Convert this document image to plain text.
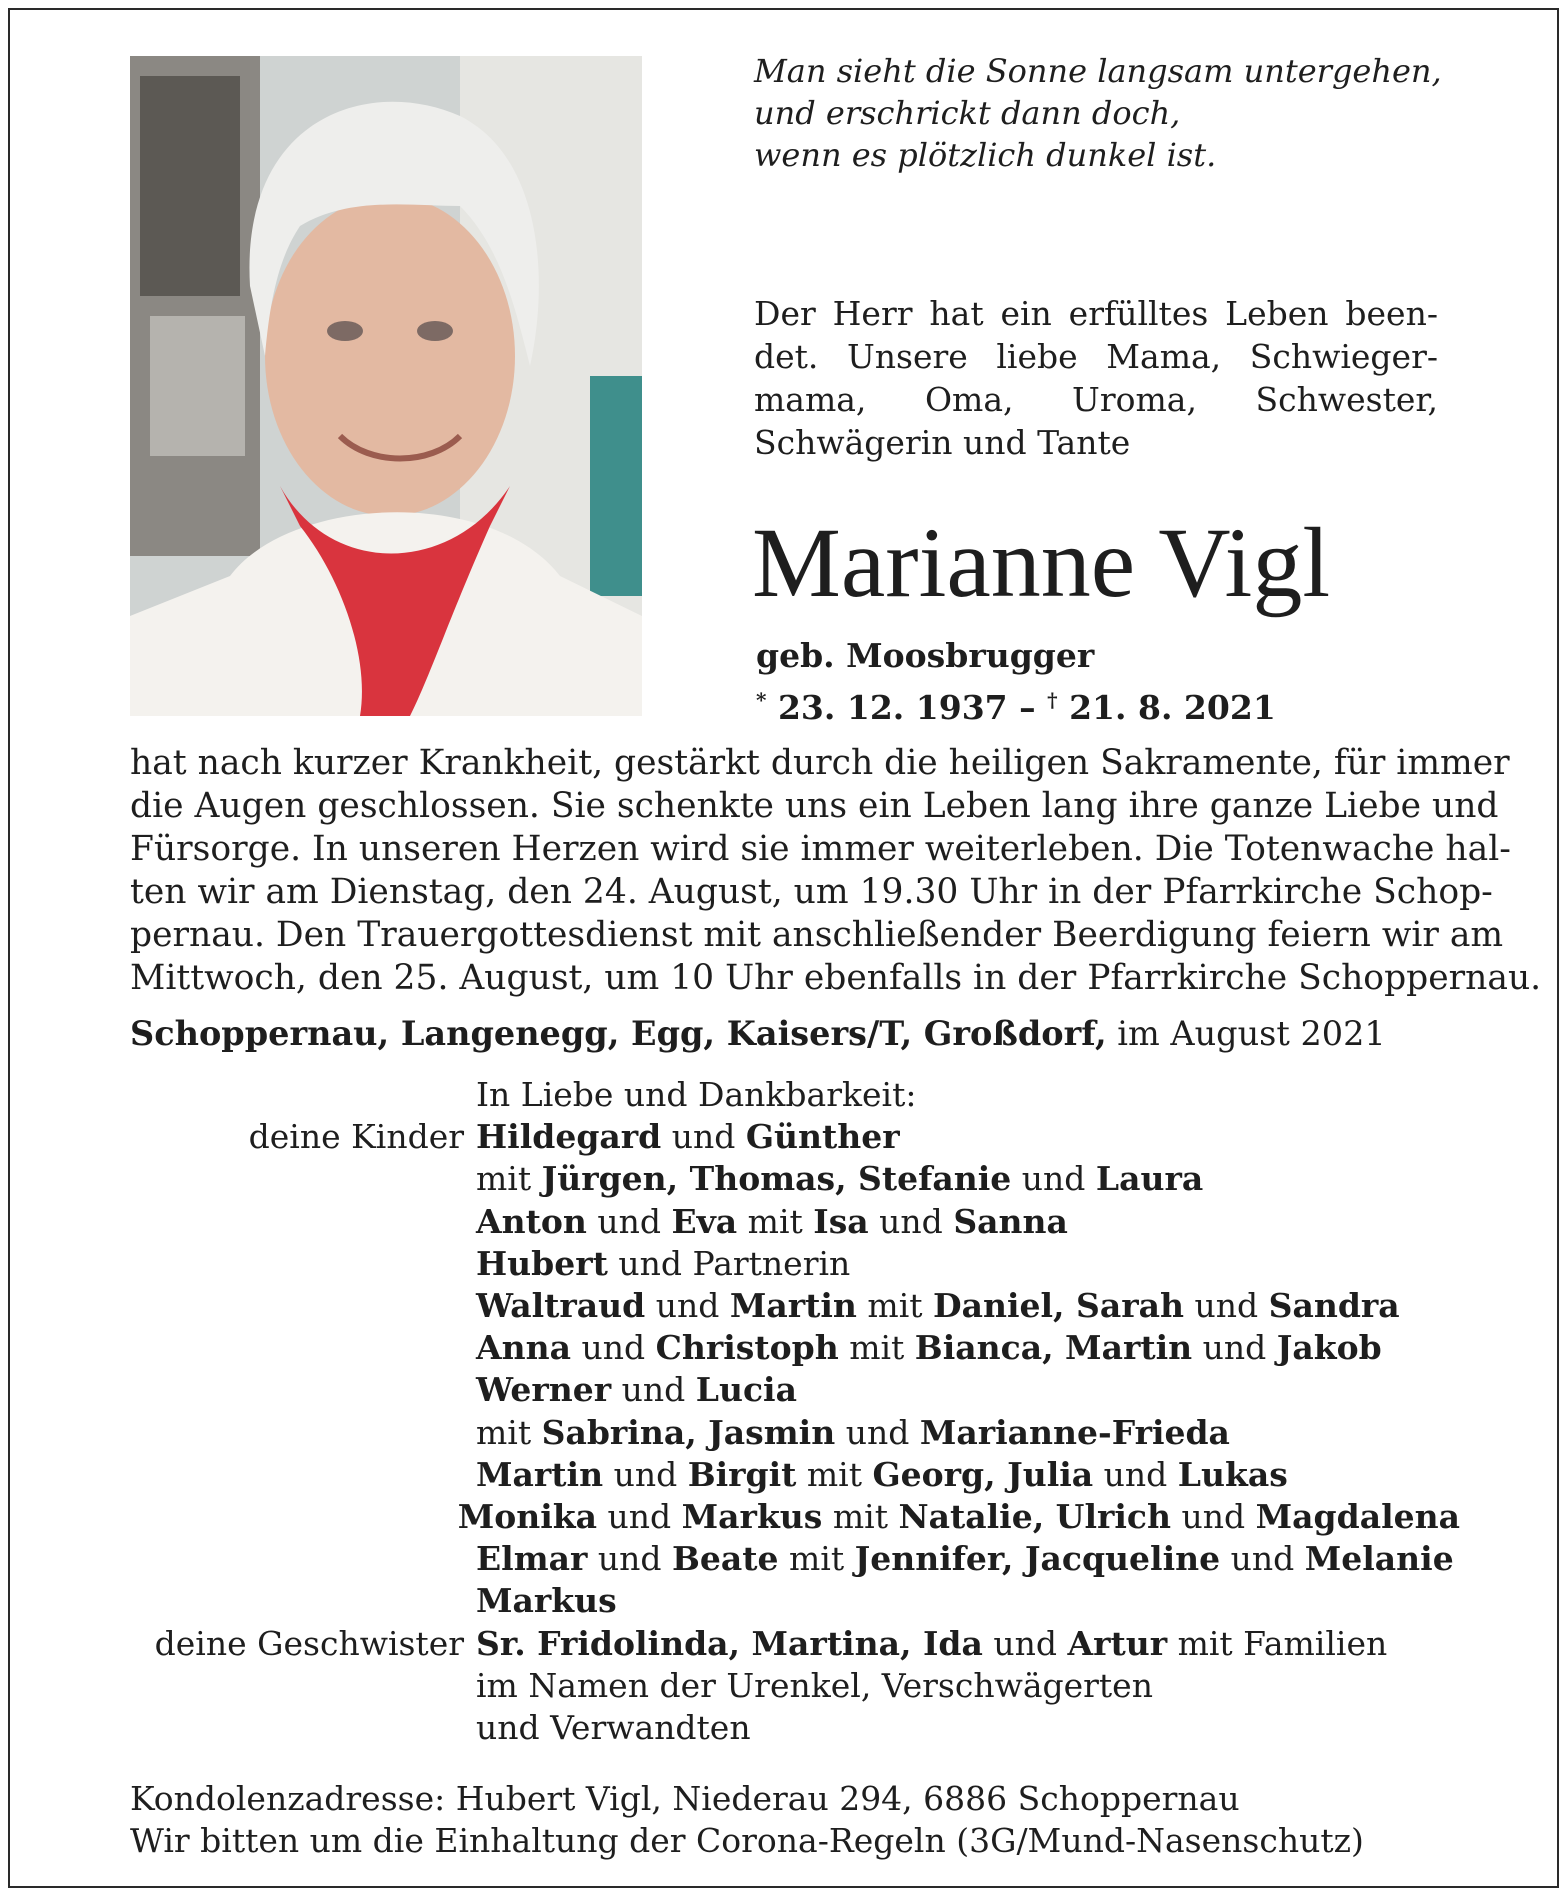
Man sieht die Sonne langsam untergehen,
und erschrickt dann doch,
wenn es plötzlich dunkel ist.
Der Herr hat ein erfülltes Leben been-
det. Unsere liebe Mama, Schwieger-
mama, Oma, Uroma, Schwester,
Schwägerin und Tante
Marianne Vigl
geb. Moosbrugger
* 23. 12. 1937 – † 21. 8. 2021
hat nach kurzer Krankheit, gestärkt durch die heiligen Sakramente, für immer
die Augen geschlossen. Sie schenkte uns ein Leben lang ihre ganze Liebe und
Fürsorge. In unseren Herzen wird sie immer weiterleben. Die Totenwache hal-
ten wir am Dienstag, den 24. August, um 19.30 Uhr in der Pfarrkirche Schop-
pernau. Den Trauergottesdienst mit anschließender Beerdigung feiern wir am
Mittwoch, den 25. August, um 10 Uhr ebenfalls in der Pfarrkirche Schoppernau.
Schoppernau, Langenegg, Egg, Kaisers/T, Großdorf, im August 2021
In Liebe und Dankbarkeit:
deine Kinder Hildegard und Günther
mit Jürgen, Thomas, Stefanie und Laura
Anton und Eva mit Isa und Sanna
Hubert und Partnerin
Waltraud und Martin mit Daniel, Sarah und Sandra
Anna und Christoph mit Bianca, Martin und Jakob
Werner und Lucia
mit Sabrina, Jasmin und Marianne-Frieda
Martin und Birgit mit Georg, Julia und Lukas
Monika und Markus mit Natalie, Ulrich und Magdalena
Elmar und Beate mit Jennifer, Jacqueline und Melanie
Markus
deine Geschwister Sr. Fridolinda, Martina, Ida und Artur mit Familien
im Namen der Urenkel, Verschwägerten
und Verwandten
Kondolenzadresse: Hubert Vigl, Niederau 294, 6886 Schoppernau
Wir bitten um die Einhaltung der Corona-Regeln (3G/Mund-Nasenschutz)
